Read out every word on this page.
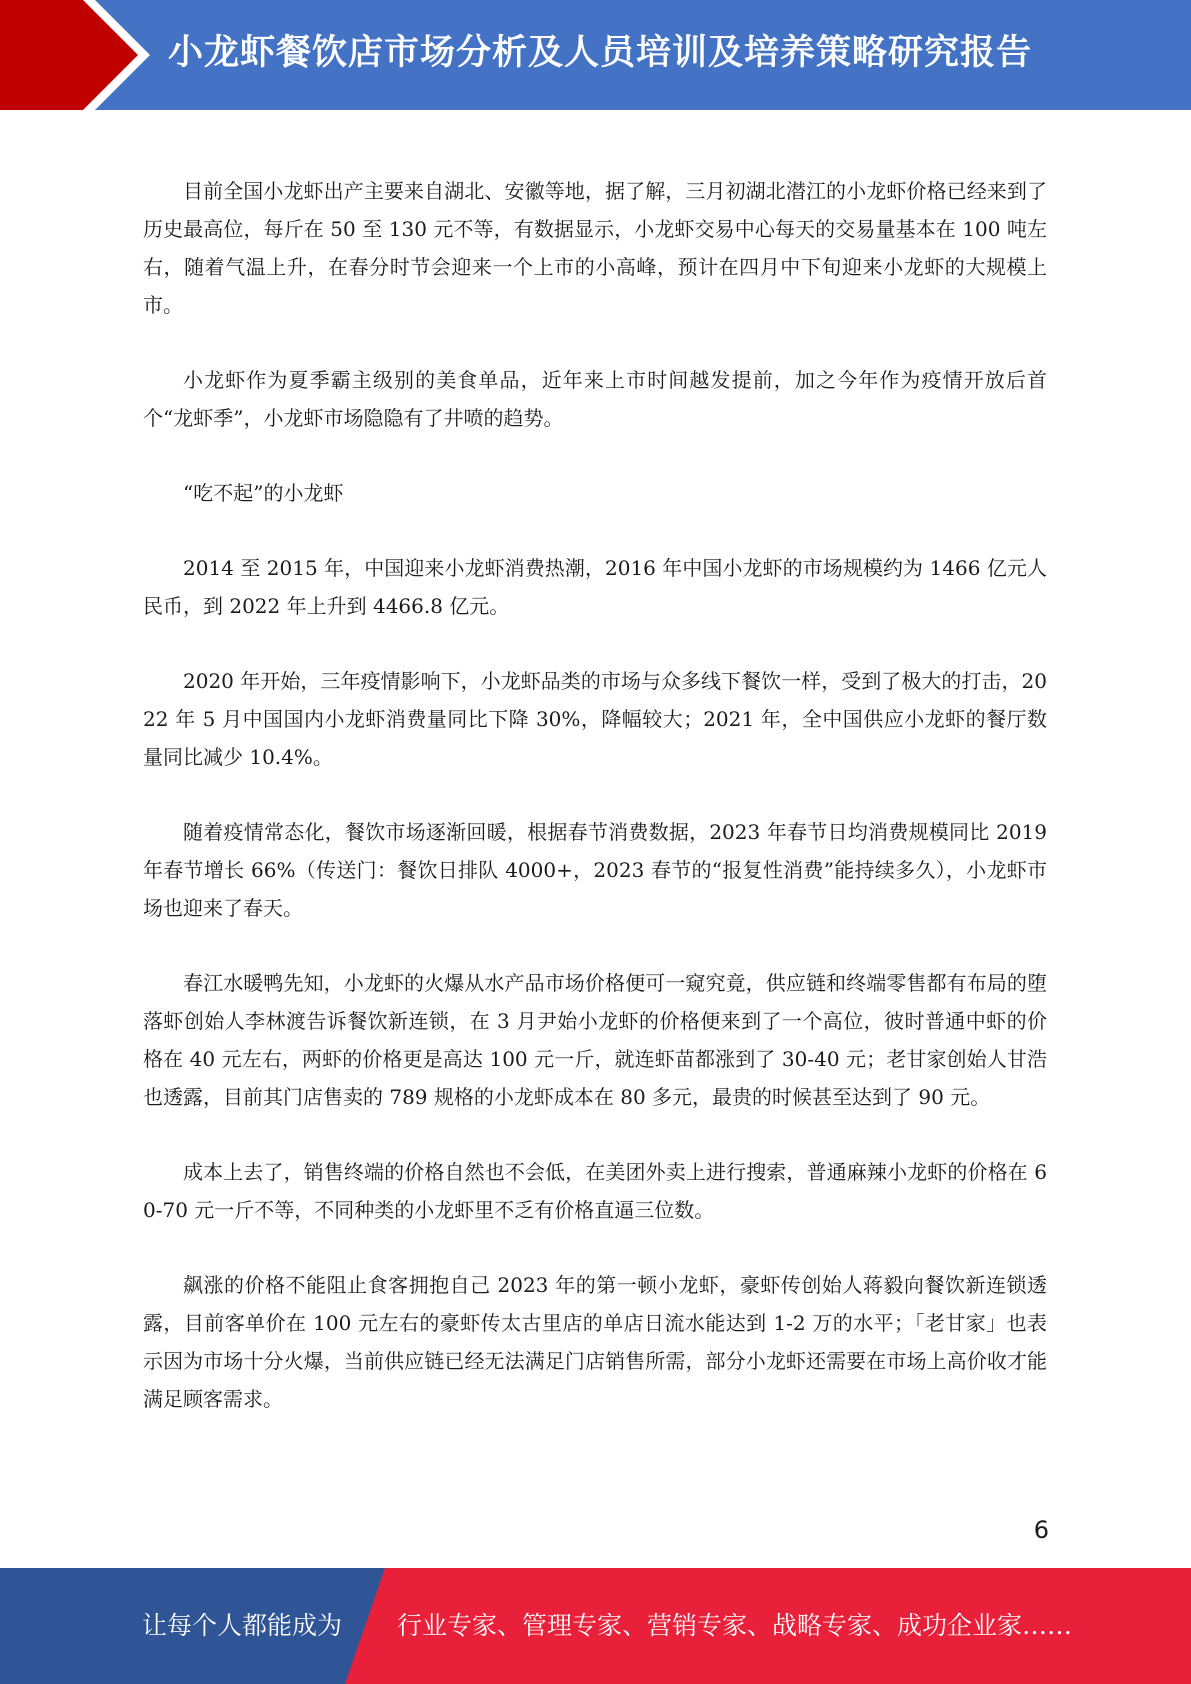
小龙虾餐饮店市场分析及人员培训及培养策略研究报告

目前全国小龙虾出产主要来自湖北、安徽等地，据了解，三月初湖北潜江的小龙虾价格已经来到了历史最高位，每斤在 50 至 130 元不等，有数据显示，小龙虾交易中心每天的交易量基本在 100 吨左右，随着气温上升，在春分时节会迎来一个上市的小高峰，预计在四月中下旬迎来小龙虾的大规模上市。

小龙虾作为夏季霸主级别的美食单品，近年来上市时间越发提前，加之今年作为疫情开放后首个“龙虾季”，小龙虾市场隐隐有了井喷的趋势。

“吃不起”的小龙虾

2014 至 2015 年，中国迎来小龙虾消费热潮，2016 年中国小龙虾的市场规模约为 1466 亿元人民币，到 2022 年上升到 4466.8 亿元。

2020 年开始，三年疫情影响下，小龙虾品类的市场与众多线下餐饮一样，受到了极大的打击，2022 年 5 月中国国内小龙虾消费量同比下降 30%，降幅较大；2021 年，全中国供应小龙虾的餐厅数量同比减少 10.4%。

随着疫情常态化，餐饮市场逐渐回暖，根据春节消费数据，2023 年春节日均消费规模同比 2019 年春节增长 66%（传送门：餐饮日排队 4000+，2023 春节的“报复性消费”能持续多久），小龙虾市场也迎来了春天。

春江水暖鸭先知，小龙虾的火爆从水产品市场价格便可一窥究竟，供应链和终端零售都有布局的堕落虾创始人李林渡告诉餐饮新连锁，在 3 月尹始小龙虾的价格便来到了一个高位，彼时普通中虾的价格在 40 元左右，两虾的价格更是高达 100 元一斤，就连虾苗都涨到了 30-40 元；老甘家创始人甘浩也透露，目前其门店售卖的 789 规格的小龙虾成本在 80 多元，最贵的时候甚至达到了 90 元。

成本上去了，销售终端的价格自然也不会低，在美团外卖上进行搜索，普通麻辣小龙虾的价格在 60-70 元一斤不等，不同种类的小龙虾里不乏有价格直逼三位数。

飙涨的价格不能阻止食客拥抱自己 2023 年的第一顿小龙虾，豪虾传创始人蒋毅向餐饮新连锁透露，目前客单价在 100 元左右的豪虾传太古里店的单店日流水能达到 1-2 万的水平；「老甘家」也表示因为市场十分火爆，当前供应链已经无法满足门店销售所需，部分小龙虾还需要在市场上高价收才能满足顾客需求。

6
让每个人都能成为 行业专家、管理专家、营销专家、战略专家、成功企业家……
